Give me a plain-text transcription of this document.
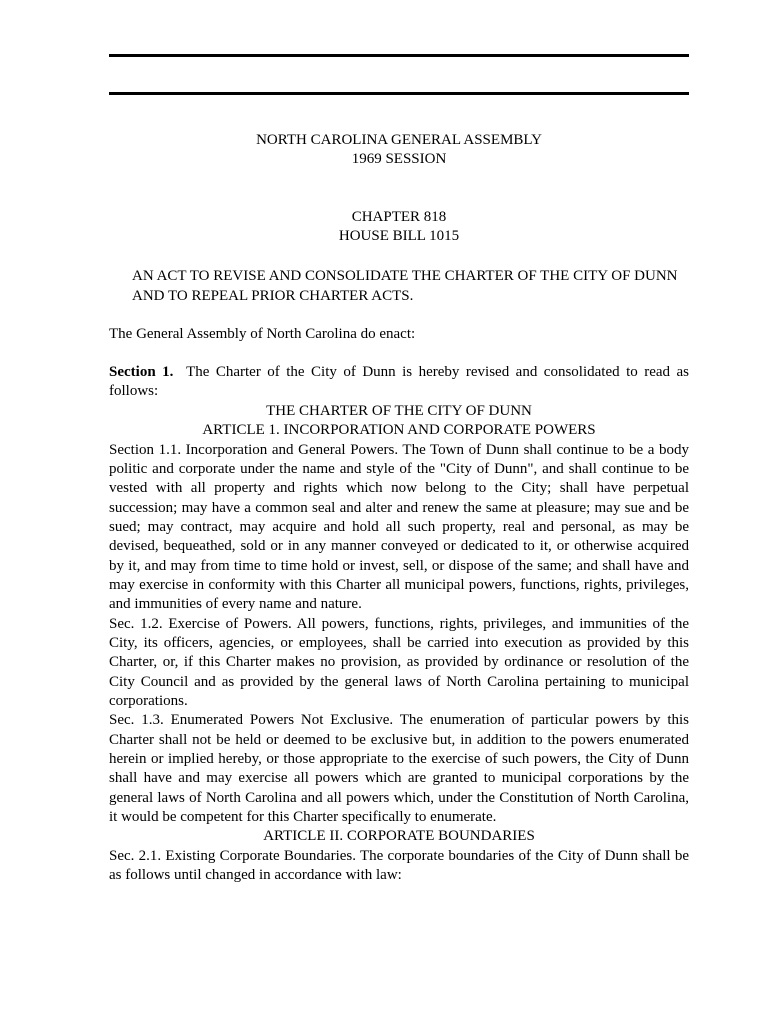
NORTH CAROLINA GENERAL ASSEMBLY

1969 SESSION

CHAPTER 818

HOUSE BILL 1015

AN ACT TO REVISE AND CONSOLIDATE THE CHARTER OF THE CITY OF DUNN AND TO REPEAL PRIOR CHARTER ACTS.

The General Assembly of North Carolina do enact:

Section 1. The Charter of the City of Dunn is hereby revised and consolidated to read as follows:

THE CHARTER OF THE CITY OF DUNN

ARTICLE 1. INCORPORATION AND CORPORATE POWERS

Section 1.1. Incorporation and General Powers. The Town of Dunn shall continue to be a body politic and corporate under the name and style of the "City of Dunn", and shall continue to be vested with all property and rights which now belong to the City; shall have perpetual succession; may have a common seal and alter and renew the same at pleasure; may sue and be sued; may contract, may acquire and hold all such property, real and personal, as may be devised, bequeathed, sold or in any manner conveyed or dedicated to it, or otherwise acquired by it, and may from time to time hold or invest, sell, or dispose of the same; and shall have and may exercise in conformity with this Charter all municipal powers, functions, rights, privileges, and immunities of every name and nature.

Sec. 1.2. Exercise of Powers. All powers, functions, rights, privileges, and immunities of the City, its officers, agencies, or employees, shall be carried into execution as provided by this Charter, or, if this Charter makes no provision, as provided by ordinance or resolution of the City Council and as provided by the general laws of North Carolina pertaining to municipal corporations.

Sec. 1.3. Enumerated Powers Not Exclusive. The enumeration of particular powers by this Charter shall not be held or deemed to be exclusive but, in addition to the powers enumerated herein or implied hereby, or those appropriate to the exercise of such powers, the City of Dunn shall have and may exercise all powers which are granted to municipal corporations by the general laws of North Carolina and all powers which, under the Constitution of North Carolina, it would be competent for this Charter specifically to enumerate.

ARTICLE II. CORPORATE BOUNDARIES

Sec. 2.1. Existing Corporate Boundaries. The corporate boundaries of the City of Dunn shall be as follows until changed in accordance with law:
